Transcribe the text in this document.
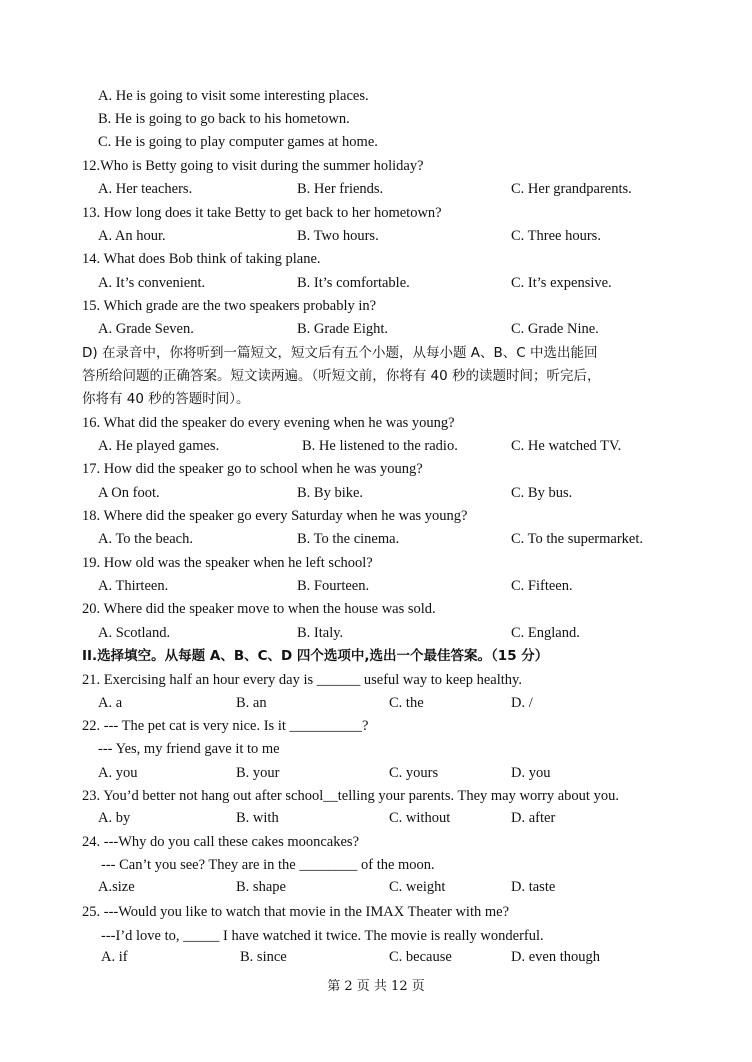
A. He is going to visit some interesting places.
B. He is going to go back to his hometown.
C. He is going to play computer games at home.
12.Who is Betty going to visit during the summer holiday?
A. Her teachers.	B. Her friends.	C. Her grandparents.
13. How long does it take Betty to get back to her hometown?
A. An hour.	B. Two hours.	C. Three hours.
14. What does Bob think of taking plane.
A. It’s convenient.	B. It’s comfortable.	C. It’s expensive.
15. Which grade are the two speakers probably in?
A. Grade Seven.	B. Grade Eight.	C. Grade Nine.
D) 在录音中，你将听到一篇短文，短文后有五个小题，从每小题 A、B、C 中选出能回
答所给问题的正确答案。短文读两遍。（听短文前，你将有 40 秒的读题时间；听完后，
你将有 40 秒的答题时间）。
16. What did the speaker do every evening when he was young?
A. He played games.	B. He listened to the radio.	C. He watched TV.
17. How did the speaker go to school when he was young?
A On foot.	B. By bike.	C. By bus.
18. Where did the speaker go every Saturday when he was young?
A. To the beach.	B. To the cinema.	C. To the supermarket.
19. How old was the speaker when he left school?
A. Thirteen.	B. Fourteen.	C. Fifteen.
20. Where did the speaker move to when the house was sold.
A. Scotland.	B. Italy.	C. England.
II.选择填空。从每题 A、B、C、D 四个选项中,选出一个最佳答案。（15 分）
21. Exercising half an hour every day is ______ useful way to keep healthy.
A. a	B. an	C. the	D. /
22. --- The pet cat is very nice. Is it __________?
--- Yes, my friend gave it to me
A. you	B. your	C. yours	D. you
23. You’d better not hang out after school__telling your parents. They may worry about you.
A. by	B. with	C. without	D. after
24. ---Why do you call these cakes mooncakes?
--- Can’t you see? They are in the ________ of the moon.
A.size	B. shape	C. weight	D. taste
25. ---Would you like to watch that movie in the IMAX Theater with me?
---I’d love to, _____ I have watched it twice. The movie is really wonderful.
A. if	B. since	C. because	D. even though
第 2 页 共 12 页
